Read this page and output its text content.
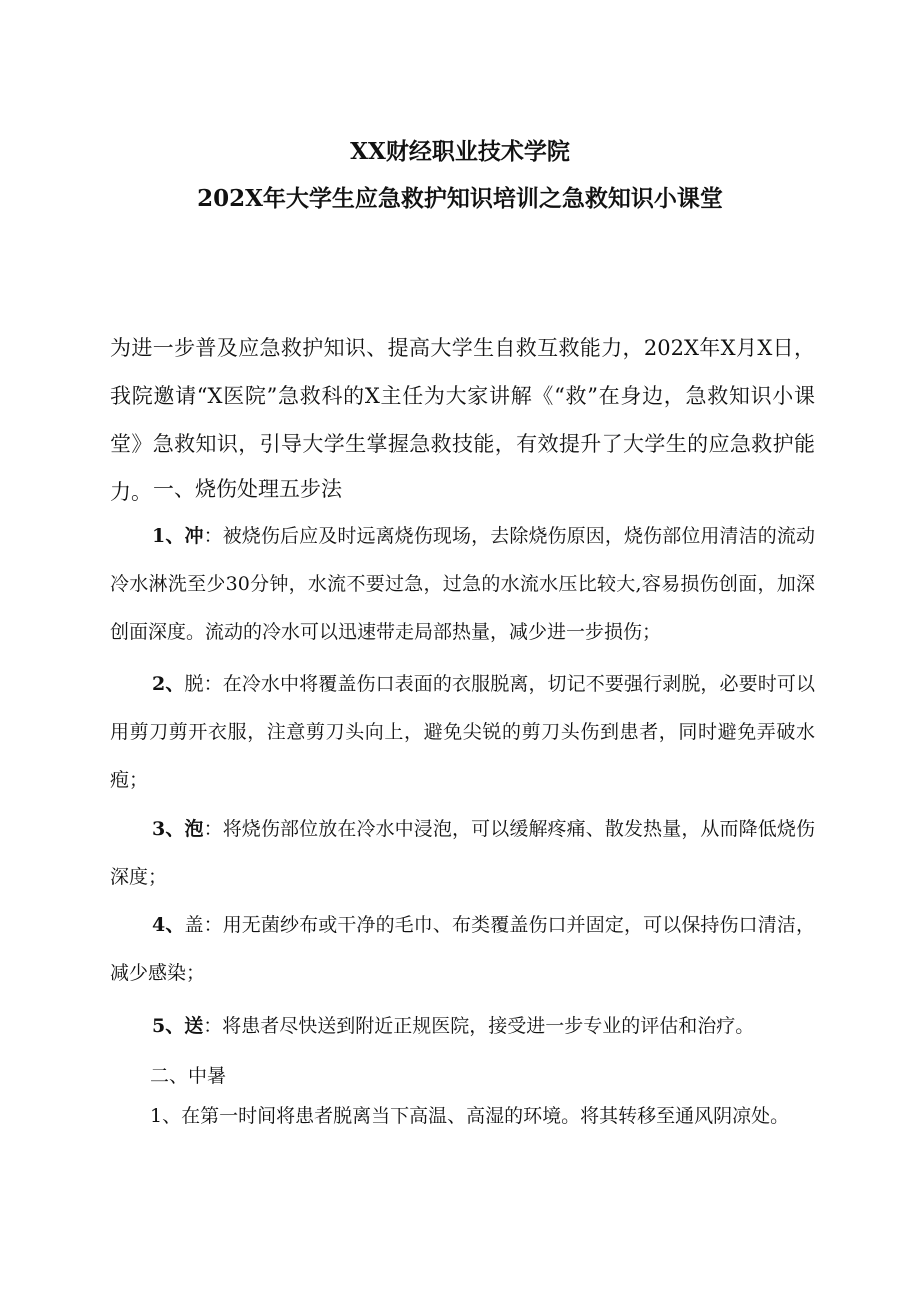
XX财经职业技术学院
202X年大学生应急救护知识培训之急救知识小课堂
为进一步普及应急救护知识、提高大学生自救互救能力，202X年X月X日，我院邀请“X医院”急救科的X主任为大家讲解《“救”在身边，急救知识小课堂》急救知识，引导大学生掌握急救技能，有效提升了大学生的应急救护能力。 一、烧伤处理五步法
1、冲：被烧伤后应及时远离烧伤现场，去除烧伤原因，烧伤部位用清洁的流动冷水淋洗至少30分钟，水流不要过急，过急的水流水压比较大,容易损伤创面，加深创面深度。流动的冷水可以迅速带走局部热量，减少进一步损伤；
2、脱：在冷水中将覆盖伤口表面的衣服脱离，切记不要强行剥脱，必要时可以用剪刀剪开衣服，注意剪刀头向上，避免尖锐的剪刀头伤到患者，同时避免弄破水疱；
3、泡：将烧伤部位放在冷水中浸泡，可以缓解疼痛、散发热量，从而降低烧伤深度；
4、盖：用无菌纱布或干净的毛巾、布类覆盖伤口并固定，可以保持伤口清洁，减少感染；
5、送：将患者尽快送到附近正规医院，接受进一步专业的评估和治疗。
二、中暑
1、在第一时间将患者脱离当下高温、高湿的环境。将其转移至通风阴凉处。
